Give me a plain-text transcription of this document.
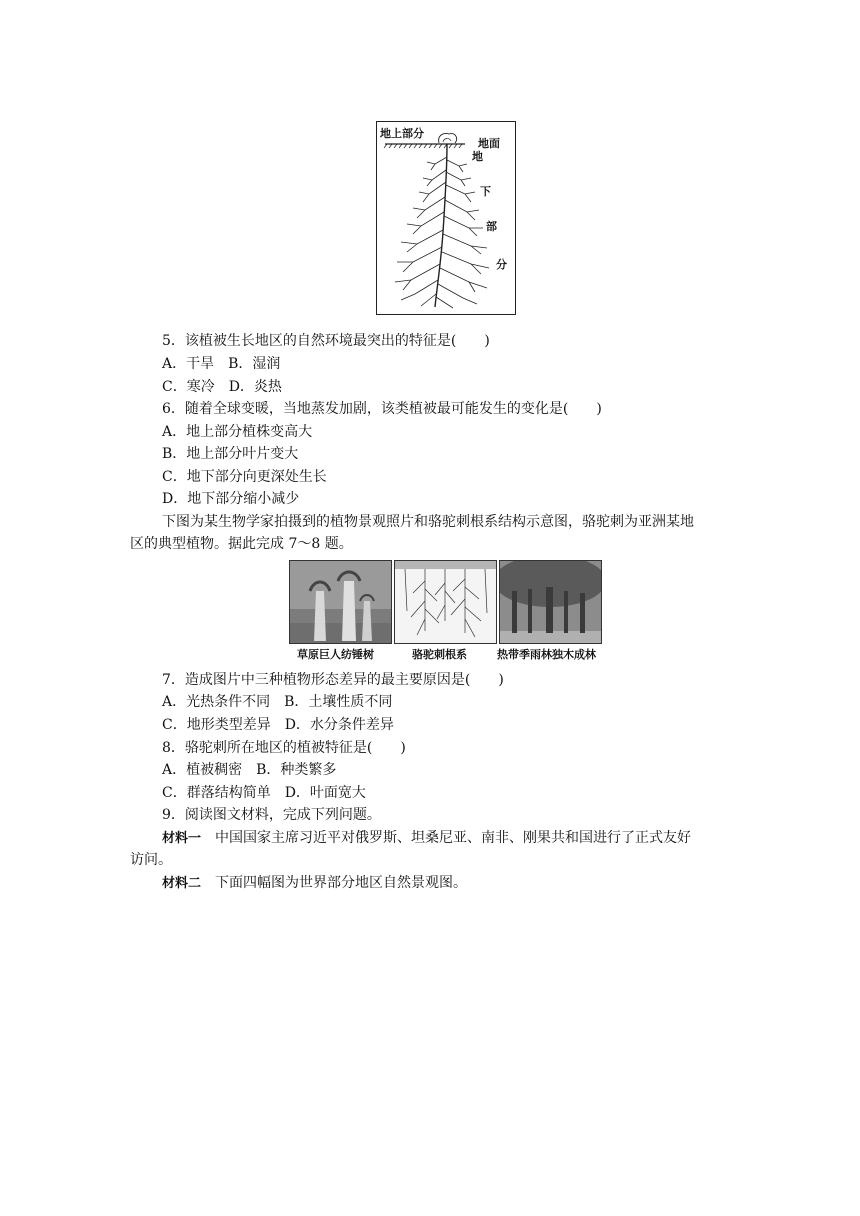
地上部分
地面
地
下
部
分
5．该植被生长地区的自然环境最突出的特征是(　　)
A．干旱　B．湿润
C．寒冷　D．炎热
6．随着全球变暖，当地蒸发加剧，该类植被最可能发生的变化是(　　)
A．地上部分植株变高大
B．地上部分叶片变大
C．地下部分向更深处生长
D．地下部分缩小减少
下图为某生物学家拍摄到的植物景观照片和骆驼刺根系结构示意图，骆驼刺为亚洲某地
区的典型植物。据此完成 7～8 题。
草原巨人纺锤树	骆驼刺根系	热带季雨林独木成林
7．造成图片中三种植物形态差异的最主要原因是(　　)
A．光热条件不同　B．土壤性质不同
C．地形类型差异　D．水分条件差异
8．骆驼刺所在地区的植被特征是(　　)
A．植被稠密　B．种类繁多
C．群落结构简单　D．叶面宽大
9．阅读图文材料，完成下列问题。
材料一　 中国国家主席习近平对俄罗斯、坦桑尼亚、南非、刚果共和国进行了正式友好
访问。
材料二　 下面四幅图为世界部分地区自然景观图。
